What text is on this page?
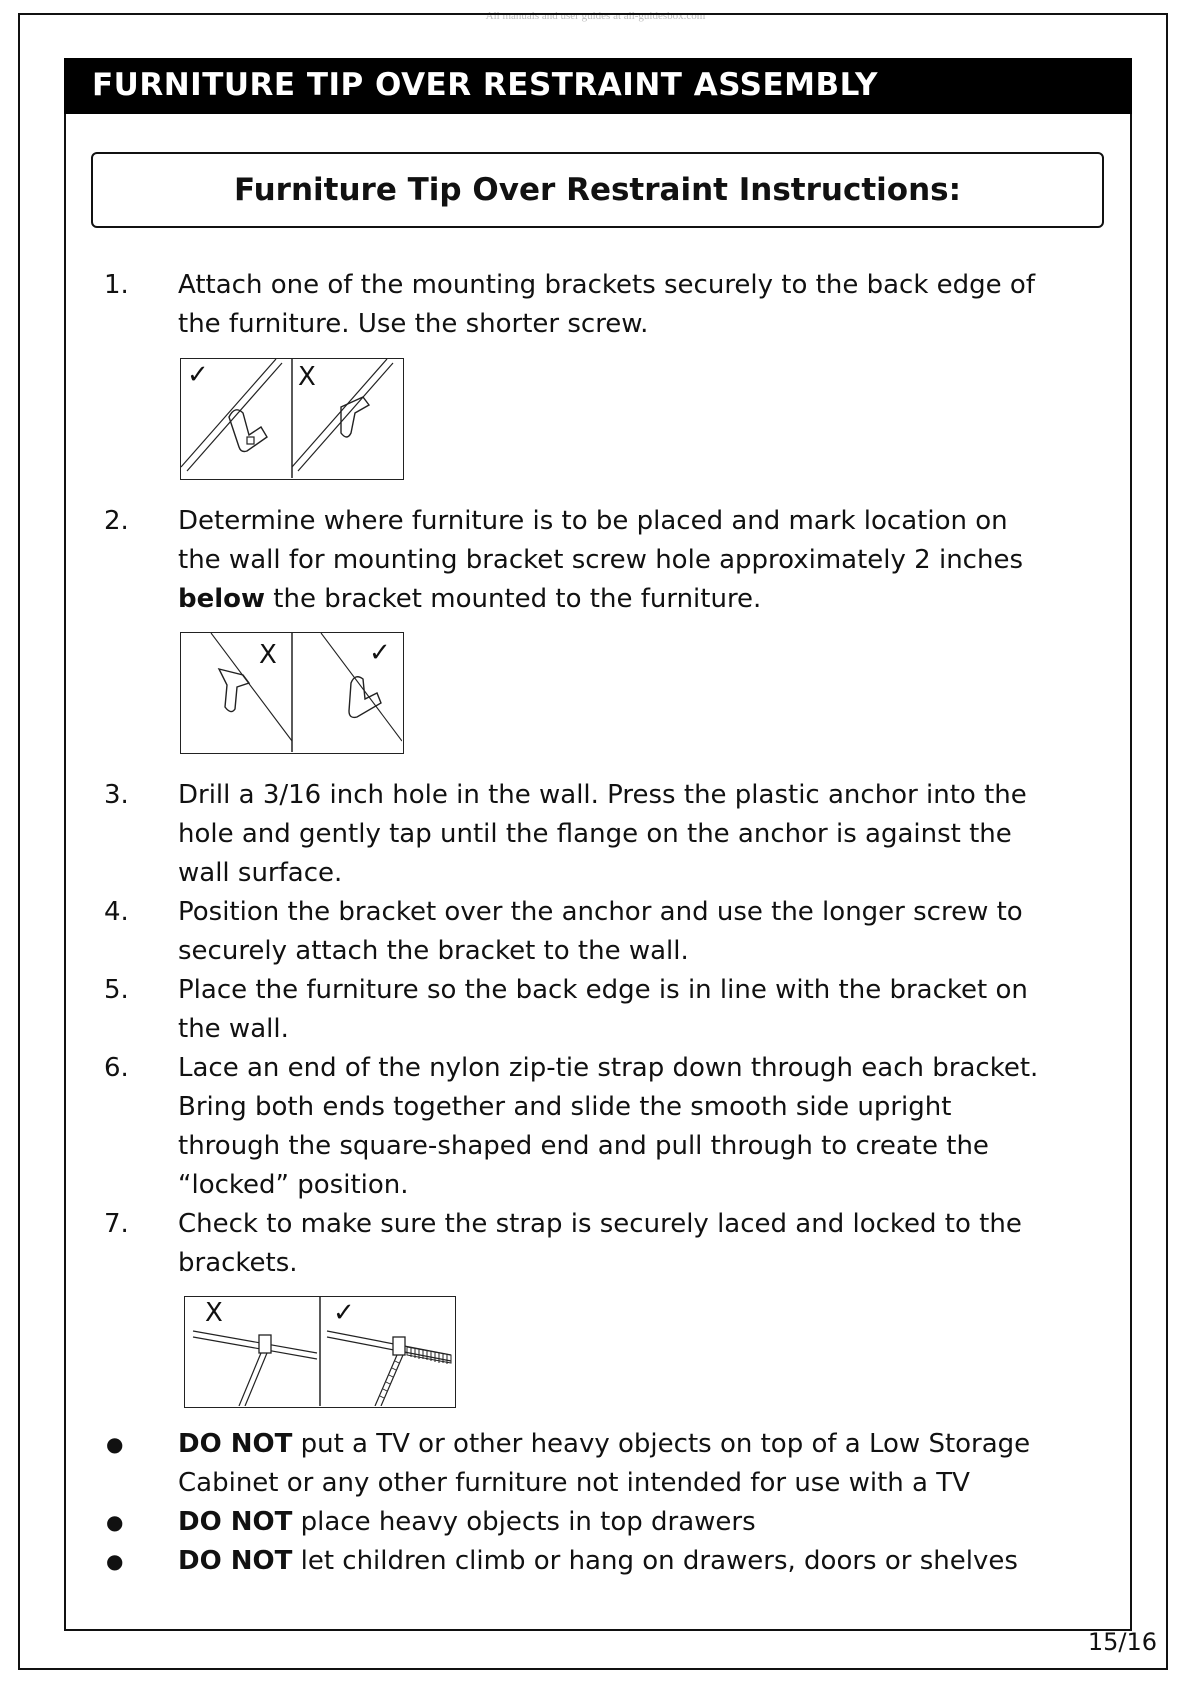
All manuals and user guides at all-guidesbox.com
FURNITURE TIP OVER RESTRAINT ASSEMBLY
Furniture Tip Over Restraint Instructions:
1.	Attach one of the mounting brackets securely to the back edge of
the furniture. Use the shorter screw.
✓	X
2.	Determine where furniture is to be placed and mark location on
the wall for mounting bracket screw hole approximately 2 inches
below the bracket mounted to the furniture.
X	✓
3.	Drill a 3/16 inch hole in the wall. Press the plastic anchor into the
hole and gently tap until the flange on the anchor is against the
wall surface.
4.	Position the bracket over the anchor and use the longer screw to
securely attach the bracket to the wall.
5.	Place the furniture so the back edge is in line with the bracket on
the wall.
6.	Lace an end of the nylon zip-tie strap down through each bracket.
Bring both ends together and slide the smooth side upright
through the square-shaped end and pull through to create the
“locked” position.
7.	Check to make sure the strap is securely laced and locked to the
brackets.
X	✓
● DO NOT put a TV or other heavy objects on top of a Low Storage
Cabinet or any other furniture not intended for use with a TV
● DO NOT place heavy objects in top drawers
● DO NOT let children climb or hang on drawers, doors or shelves
15/16
